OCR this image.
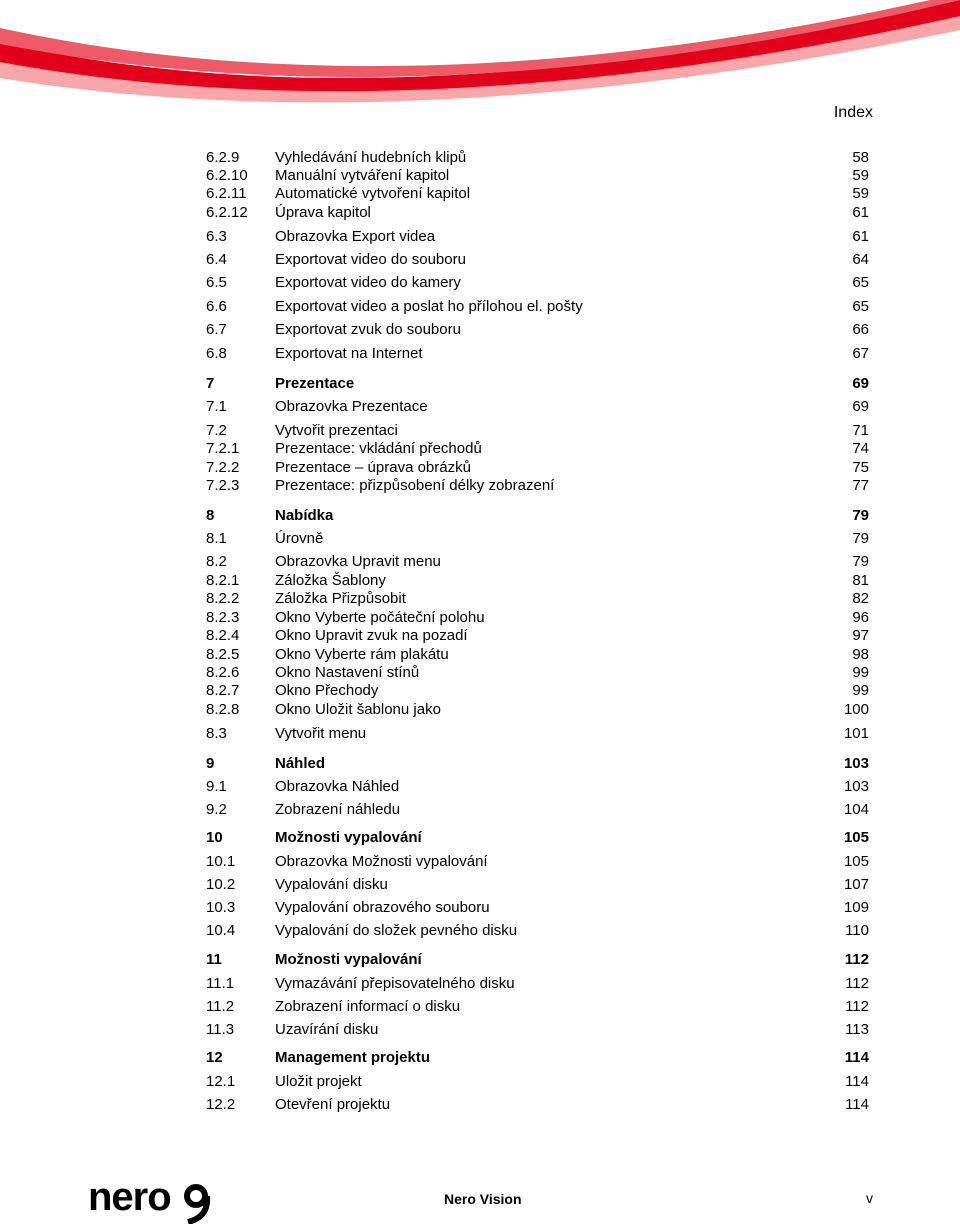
Index
6.2.9 Vyhledávání hudebních klipů	58
6.2.10 Manuální vytváření kapitol	59
6.2.11 Automatické vytvoření kapitol	59
6.2.12 Úprava kapitol	61
6.3	Obrazovka Export videa	61
6.4	Exportovat video do souboru	64
6.5	Exportovat video do kamery	65
6.6	Exportovat video a poslat ho přílohou el. pošty	65
6.7	Exportovat zvuk do souboru	66
6.8	Exportovat na Internet	67
7	Prezentace	69
7.1	Obrazovka Prezentace	69
7.2	Vytvořit prezentaci	71
7.2.1 Prezentace: vkládání přechodů	74
7.2.2 Prezentace – úprava obrázků	75
7.2.3 Prezentace: přizpůsobení délky zobrazení	77
8	Nabídka	79
8.1	Úrovně	79
8.2	Obrazovka Upravit menu	79
8.2.1 Záložka Šablony	81
8.2.2 Záložka Přizpůsobit	82
8.2.3 Okno Vyberte počáteční polohu	96
8.2.4 Okno Upravit zvuk na pozadí	97
8.2.5 Okno Vyberte rám plakátu	98
8.2.6 Okno Nastavení stínů	99
8.2.7 Okno Přechody	99
8.2.8 Okno Uložit šablonu jako	100
8.3	Vytvořit menu	101
9	Náhled	103
9.1	Obrazovka Náhled	103
9.2	Zobrazení náhledu	104
10	Možnosti vypalování	105
10.1	Obrazovka Možnosti vypalování	105
10.2	Vypalování disku	107
10.3	Vypalování obrazového souboru	109
10.4	Vypalování do složek pevného disku	110
11	Možnosti vypalování	112
11.1	Vymazávání přepisovatelného disku	112
11.2	Zobrazení informací o disku	112
11.3	Uzavírání disku	113
12	Management projektu	114
12.1	Uložit projekt	114
12.2	Otevření projektu	114
nero	Nero Vision	v
